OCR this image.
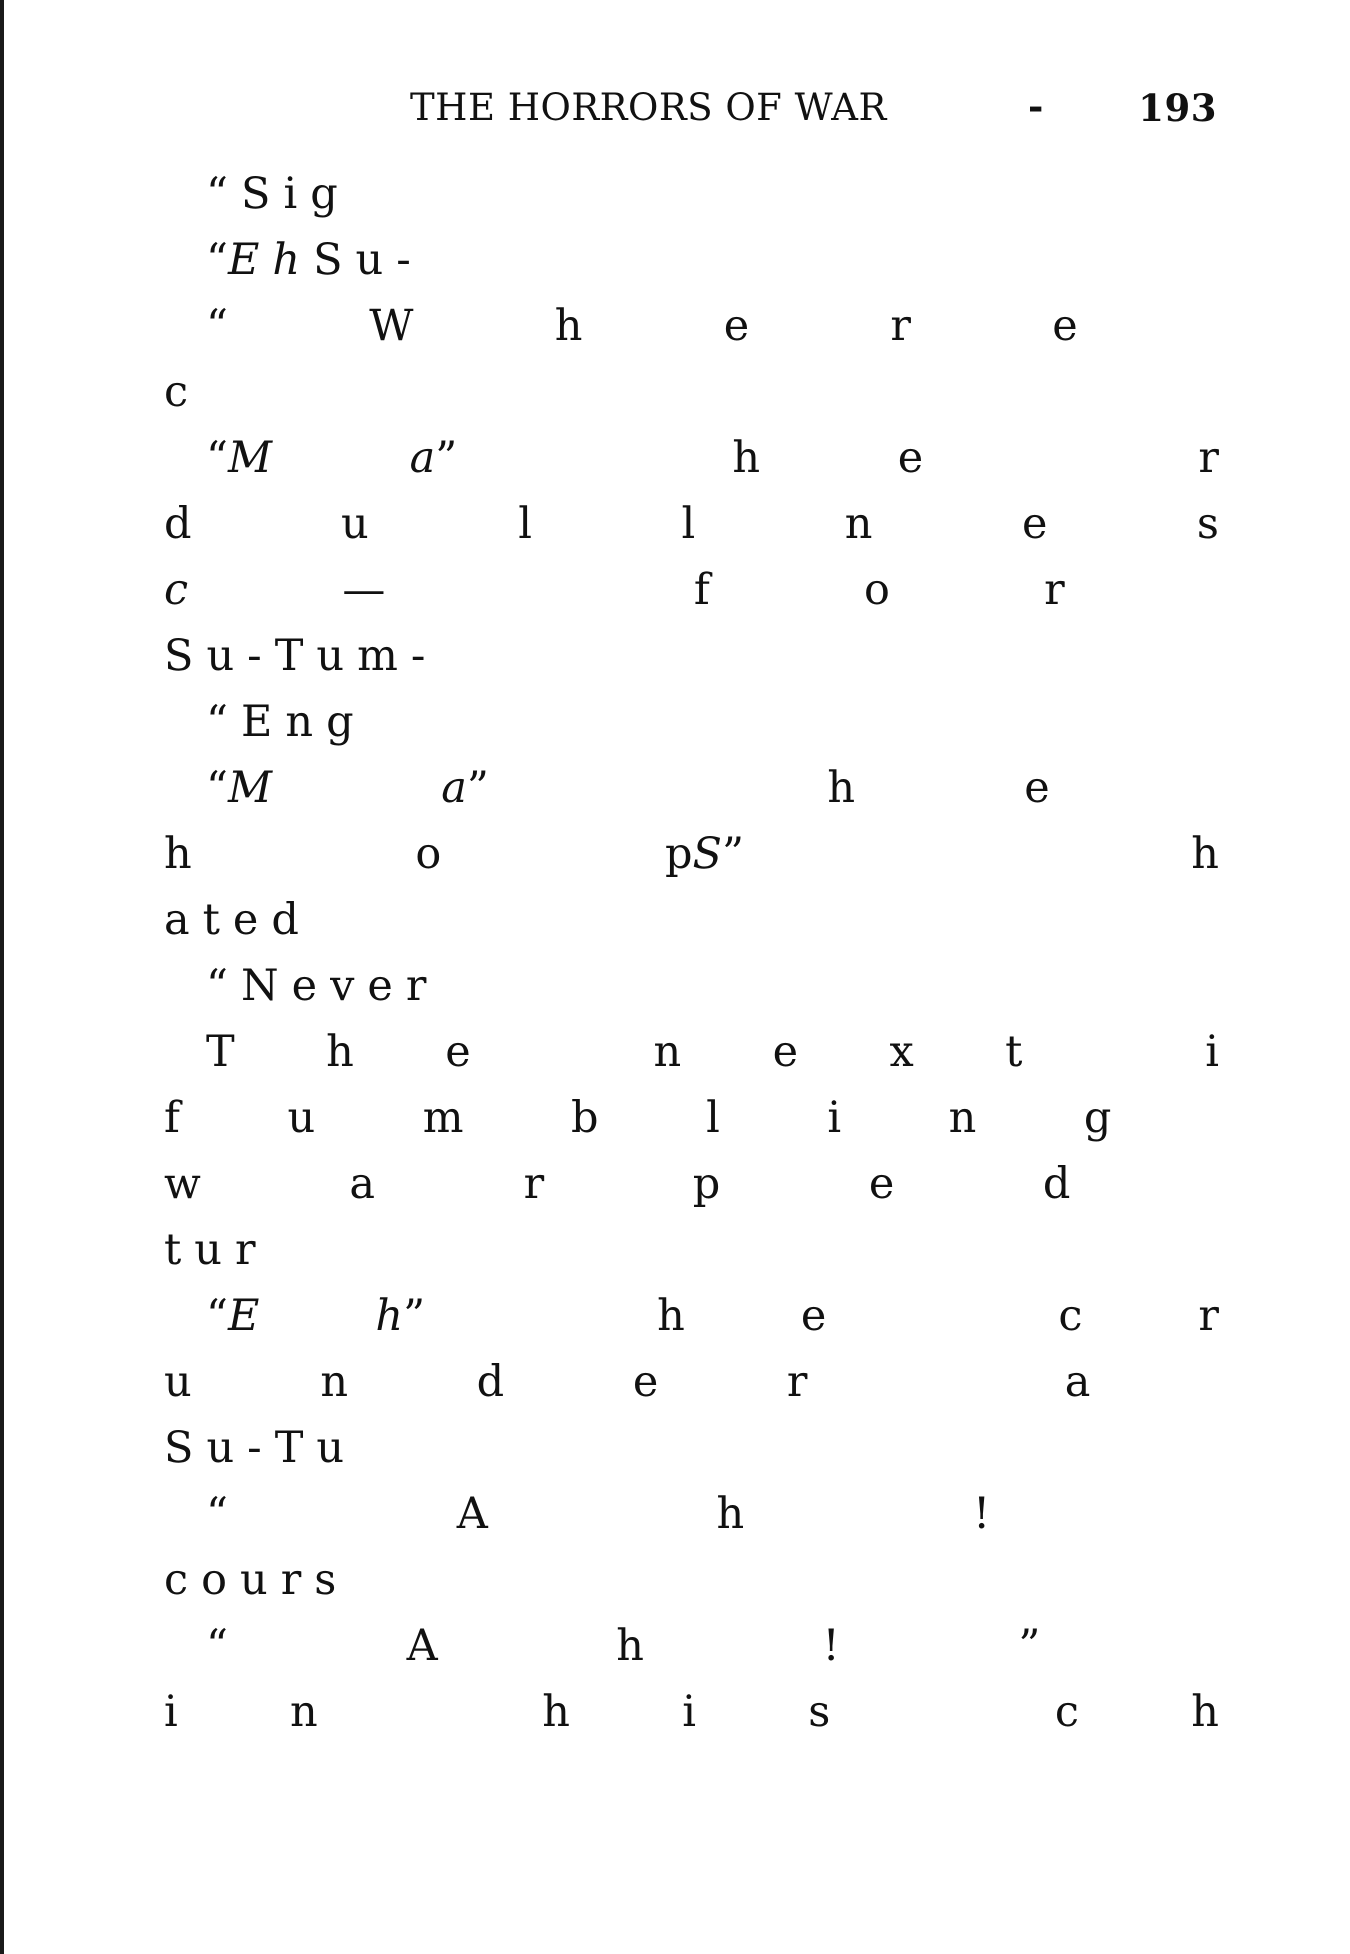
THE HORRORS OF WAR	-	193
“ S i g
“E h S u -
“	W	h	e	r	e
c
“M	a”	h	e	r
d	u	l	l	n	e	s
c	—	f	o	r
S u - T u m -
“ E n g
“M	a”	h	e
h	o	pS”	h
a t e d
“ N e v e r
T h e	n e x t	i
f	u	m	b	l	i	n	g
w	a	r	p	e	d
t u r
“E	h”	h	e	c	r
u	n	d	e	r	a
S u - T u
“	A	h	!
c o u r s
“	A	h	!	”
i	n	h	i	s	c	h
